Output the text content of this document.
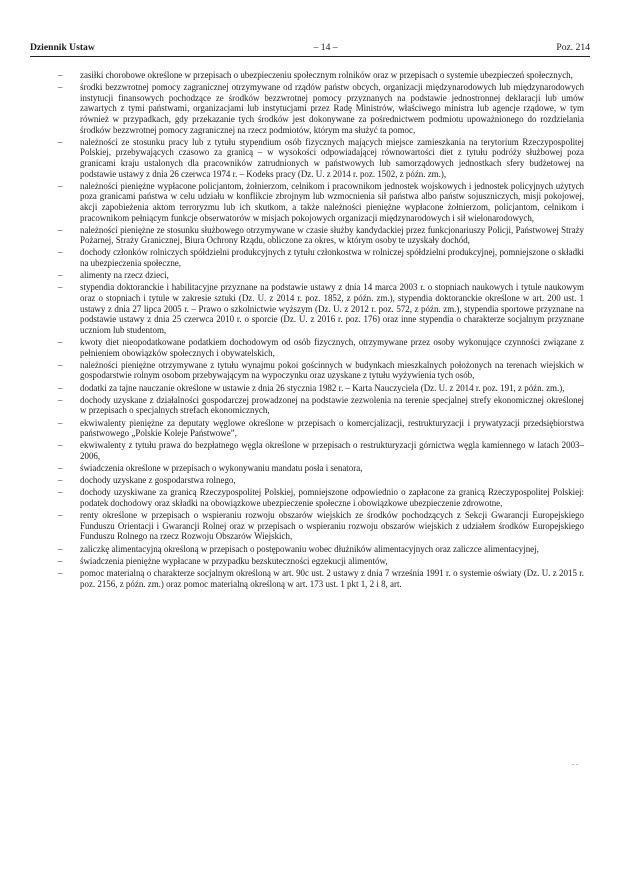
Dziennik Ustaw	– 14 –	Poz. 214
–	zasiłki chorobowe określone w przepisach o ubezpieczeniu społecznym rolników oraz w przepisach o systemie ubezpieczeń społecznych,
–	środki bezzwrotnej pomocy zagranicznej otrzymywane od rządów państw obcych, organizacji międzynarodowych lub międzynarodowych instytucji finansowych pochodzące ze środków bezzwrotnej pomocy przyznanych na podstawie jednostronnej deklaracji lub umów zawartych z tymi państwami, organizacjami lub instytucjami przez Radę Ministrów, właściwego ministra lub agencje rządowe, w tym również w przypadkach, gdy przekazanie tych środków jest dokonywane za pośrednictwem podmiotu upoważnionego do rozdzielania środków bezzwrotnej pomocy zagranicznej na rzecz podmiotów, którym ma służyć ta pomoc,
–	należności ze stosunku pracy lub z tytułu stypendium osób fizycznych mających miejsce zamieszkania na terytorium Rzeczypospolitej Polskiej, przebywających czasowo za granicą – w wysokości odpowiadającej równowartości diet z tytułu podróży służbowej poza granicami kraju ustalonych dla pracowników zatrudnionych w państwowych lub samorządowych jednostkach sfery budżetowej na podstawie ustawy z dnia 26 czerwca 1974 r. – Kodeks pracy (Dz. U. z 2014 r. poz. 1502, z późn. zm.),
–	należności pieniężne wypłacone policjantom, żołnierzom, celnikom i pracownikom jednostek wojskowych i jednostek policyjnych użytych poza granicami państwa w celu udziału w konflikcie zbrojnym lub wzmocnienia sił państwa albo państw sojuszniczych, misji pokojowej, akcji zapobieżenia aktom terroryzmu lub ich skutkom, a także należności pieniężne wypłacone żołnierzom, policjantom, celnikom i pracownikom pełniącym funkcje obserwatorów w misjach pokojowych organizacji międzynarodowych i sił wielonarodowych,
–	należności pieniężne ze stosunku służbowego otrzymywane w czasie służby kandydackiej przez funkcjonariuszy Policji, Państwowej Straży Pożarnej, Straży Granicznej, Biura Ochrony Rządu, obliczone za okres, w którym osoby te uzyskały dochód,
–	dochody członków rolniczych spółdzielni produkcyjnych z tytułu członkostwa w rolniczej spółdzielni produkcyjnej, pomniejszone o składki na ubezpieczenia społeczne,
–	alimenty na rzecz dzieci,
–	stypendia doktoranckie i habilitacyjne przyznane na podstawie ustawy z dnia 14 marca 2003 r. o stopniach naukowych i tytule naukowym oraz o stopniach i tytule w zakresie sztuki (Dz. U. z 2014 r. poz. 1852, z późn. zm.), stypendia doktoranckie określone w art. 200 ust. 1 ustawy z dnia 27 lipca 2005 r. – Prawo o szkolnictwie wyższym (Dz. U. z 2012 r. poz. 572, z późn. zm.), stypendia sportowe przyznane na podstawie ustawy z dnia 25 czerwca 2010 r. o sporcie (Dz. U. z 2016 r. poz. 176) oraz inne stypendia o charakterze socjalnym przyznane uczniom lub studentom,
–	kwoty diet nieopodatkowane podatkiem dochodowym od osób fizycznych, otrzymywane przez osoby wykonujące czynności związane z pełnieniem obowiązków społecznych i obywatelskich,
–	należności pieniężne otrzymywane z tytułu wynajmu pokoi gościnnych w budynkach mieszkalnych położonych na terenach wiejskich w gospodarstwie rolnym osobom przebywającym na wypoczynku oraz uzyskane z tytułu wyżywienia tych osób,
–	dodatki za tajne nauczanie określone w ustawie z dnia 26 stycznia 1982 r. – Karta Nauczyciela (Dz. U. z 2014 r. poz. 191, z późn. zm.),
–	dochody uzyskane z działalności gospodarczej prowadzonej na podstawie zezwolenia na terenie specjalnej strefy ekonomicznej określonej w przepisach o specjalnych strefach ekonomicznych,
–	ekwiwalenty pieniężne za deputaty węglowe określone w przepisach o komercjalizacji, restrukturyzacji i prywatyzacji przedsiębiorstwa państwowego „Polskie Koleje Państwowe”,
–	ekwiwalenty z tytułu prawa do bezpłatnego węgla określone w przepisach o restrukturyzacji górnictwa węgla kamiennego w latach 2003–2006,
–	świadczenia określone w przepisach o wykonywaniu mandatu posła i senatora,
–	dochody uzyskane z gospodarstwa rolnego,
–	dochody uzyskiwane za granicą Rzeczypospolitej Polskiej, pomniejszone odpowiednio o zapłacone za granicą Rzeczypospolitej Polskiej: podatek dochodowy oraz składki na obowiązkowe ubezpieczenie społeczne i obowiązkowe ubezpieczenie zdrowotne,
–	renty określone w przepisach o wspieraniu rozwoju obszarów wiejskich ze środków pochodzących z Sekcji Gwarancji Europejskiego Funduszu Orientacji i Gwarancji Rolnej oraz w przepisach o wspieraniu rozwoju obszarów wiejskich z udziałem środków Europejskiego Funduszu Rolnego na rzecz Rozwoju Obszarów Wiejskich,
–	zaliczkę alimentacyjną określoną w przepisach o postępowaniu wobec dłużników alimentacyjnych oraz zaliczce alimentacyjnej,
–	świadczenia pieniężne wypłacane w przypadku bezskuteczności egzekucji alimentów,
–	pomoc materialną o charakterze socjalnym określoną w art. 90c ust. 2 ustawy z dnia 7 września 1991 r. o systemie oświaty (Dz. U. z 2015 r. poz. 2156, z późn. zm.) oraz pomoc materialną określoną w art. 173 ust. 1 pkt 1, 2 i 8, art.
. .
